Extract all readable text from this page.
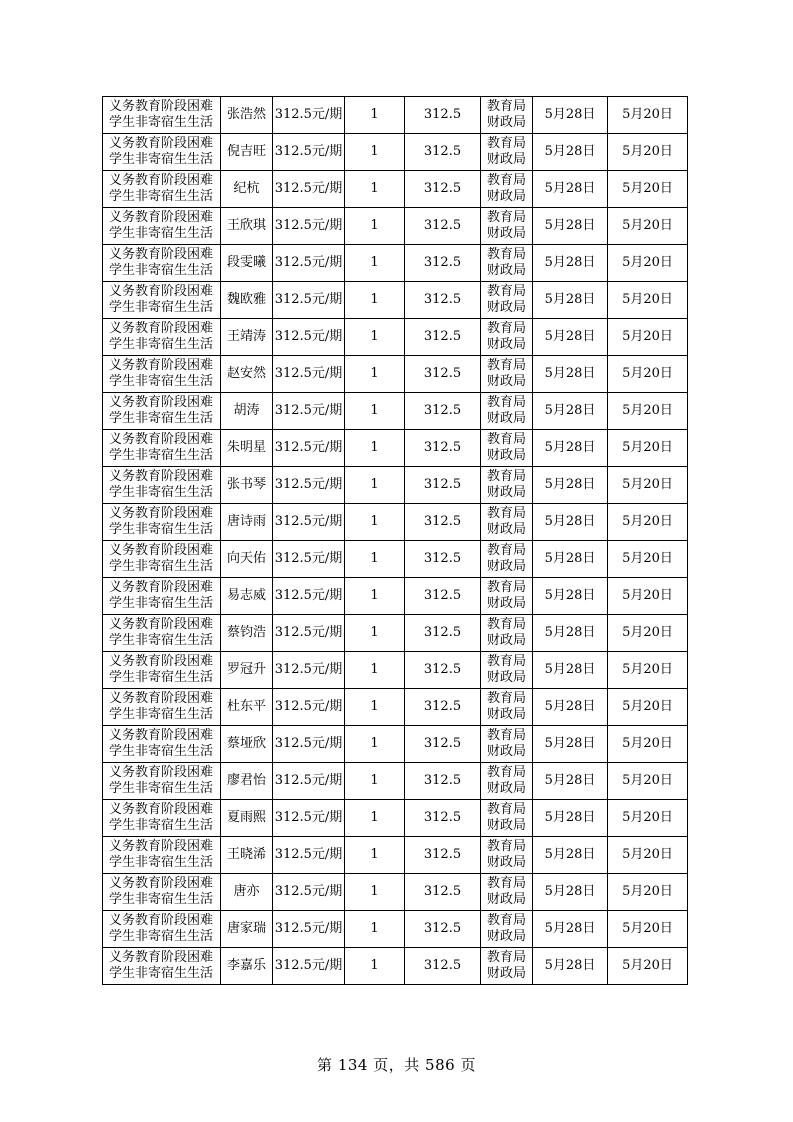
义务教育阶段困难学生非寄宿生生活	张浩然	312.5元/期	1	312.5	教育局财政局	5月28日	5月20日
义务教育阶段困难学生非寄宿生生活	倪吉旺	312.5元/期	1	312.5	教育局财政局	5月28日	5月20日
义务教育阶段困难学生非寄宿生生活	纪杭	312.5元/期	1	312.5	教育局财政局	5月28日	5月20日
义务教育阶段困难学生非寄宿生生活	王欣琪	312.5元/期	1	312.5	教育局财政局	5月28日	5月20日
义务教育阶段困难学生非寄宿生生活	段雯曦	312.5元/期	1	312.5	教育局财政局	5月28日	5月20日
义务教育阶段困难学生非寄宿生生活	魏欧雅	312.5元/期	1	312.5	教育局财政局	5月28日	5月20日
义务教育阶段困难学生非寄宿生生活	王靖涛	312.5元/期	1	312.5	教育局财政局	5月28日	5月20日
义务教育阶段困难学生非寄宿生生活	赵安然	312.5元/期	1	312.5	教育局财政局	5月28日	5月20日
义务教育阶段困难学生非寄宿生生活	胡涛	312.5元/期	1	312.5	教育局财政局	5月28日	5月20日
义务教育阶段困难学生非寄宿生生活	朱明星	312.5元/期	1	312.5	教育局财政局	5月28日	5月20日
义务教育阶段困难学生非寄宿生生活	张书琴	312.5元/期	1	312.5	教育局财政局	5月28日	5月20日
义务教育阶段困难学生非寄宿生生活	唐诗雨	312.5元/期	1	312.5	教育局财政局	5月28日	5月20日
义务教育阶段困难学生非寄宿生生活	向天佑	312.5元/期	1	312.5	教育局财政局	5月28日	5月20日
义务教育阶段困难学生非寄宿生生活	易志威	312.5元/期	1	312.5	教育局财政局	5月28日	5月20日
义务教育阶段困难学生非寄宿生生活	蔡钧浩	312.5元/期	1	312.5	教育局财政局	5月28日	5月20日
义务教育阶段困难学生非寄宿生生活	罗冠升	312.5元/期	1	312.5	教育局财政局	5月28日	5月20日
义务教育阶段困难学生非寄宿生生活	杜东平	312.5元/期	1	312.5	教育局财政局	5月28日	5月20日
义务教育阶段困难学生非寄宿生生活	蔡垭欣	312.5元/期	1	312.5	教育局财政局	5月28日	5月20日
义务教育阶段困难学生非寄宿生生活	廖君怡	312.5元/期	1	312.5	教育局财政局	5月28日	5月20日
义务教育阶段困难学生非寄宿生生活	夏雨熙	312.5元/期	1	312.5	教育局财政局	5月28日	5月20日
义务教育阶段困难学生非寄宿生生活	王晓浠	312.5元/期	1	312.5	教育局财政局	5月28日	5月20日
义务教育阶段困难学生非寄宿生生活	唐亦	312.5元/期	1	312.5	教育局财政局	5月28日	5月20日
义务教育阶段困难学生非寄宿生生活	唐家瑞	312.5元/期	1	312.5	教育局财政局	5月28日	5月20日
义务教育阶段困难学生非寄宿生生活	李嘉乐	312.5元/期	1	312.5	教育局财政局	5月28日	5月20日
第 134 页，共 586 页
